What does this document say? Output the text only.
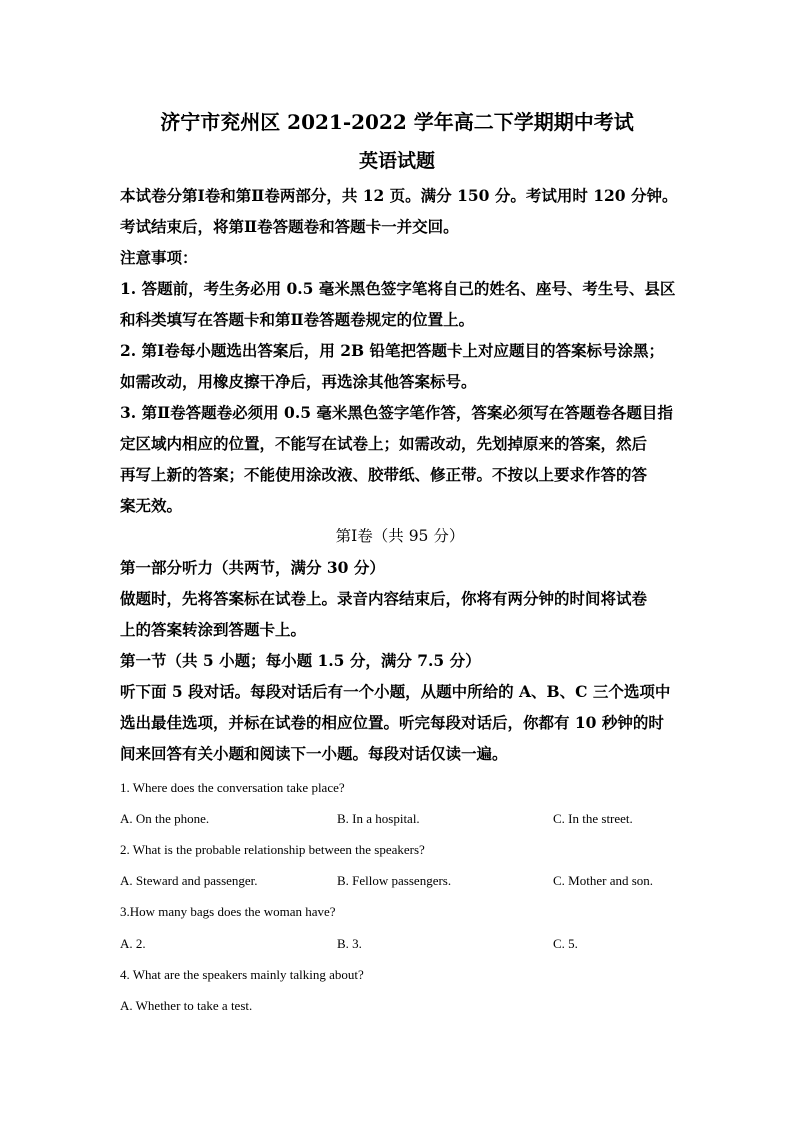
济宁市兖州区 2021-2022 学年高二下学期期中考试
英语试题

本试卷分第Ⅰ卷和第Ⅱ卷两部分，共 12 页。满分 150 分。考试用时 120 分钟。

考试结束后，将第Ⅱ卷答题卷和答题卡一并交回。

注意事项：

1. 答题前，考生务必用 0.5 毫米黑色签字笔将自己的姓名、座号、考生号、县区

和科类填写在答题卡和第Ⅱ卷答题卷规定的位置上。

2. 第Ⅰ卷每小题选出答案后，用 2B 铅笔把答题卡上对应题目的答案标号涂黑；

如需改动，用橡皮擦干净后，再选涂其他答案标号。

3. 第Ⅱ卷答题卷必须用 0.5 毫米黑色签字笔作答，答案必须写在答题卷各题目指

定区域内相应的位置，不能写在试卷上；如需改动，先划掉原来的答案，然后

再写上新的答案；不能使用涂改液、胶带纸、修正带。不按以上要求作答的答

案无效。

第Ⅰ卷（共 95 分）

第一部分听力（共两节，满分 30 分）

做题时，先将答案标在试卷上。录音内容结束后，你将有两分钟的时间将试卷

上的答案转涂到答题卡上。

第一节（共 5 小题；每小题 1.5 分，满分 7.5 分）

听下面 5 段对话。每段对话后有一个小题，从题中所给的 A、B、C 三个选项中

选出最佳选项，并标在试卷的相应位置。听完每段对话后，你都有 10 秒钟的时

间来回答有关小题和阅读下一小题。每段对话仅读一遍。

1. Where does the conversation take place?
A. On the phone.	B. In a hospital.	C. In the street.
2. What is the probable relationship between the speakers?
A. Steward and passenger.	B. Fellow passengers.	C. Mother and son.
3.How many bags does the woman have?
A. 2.	B. 3.	C. 5.
4. What are the speakers mainly talking about?
A. Whether to take a test.
